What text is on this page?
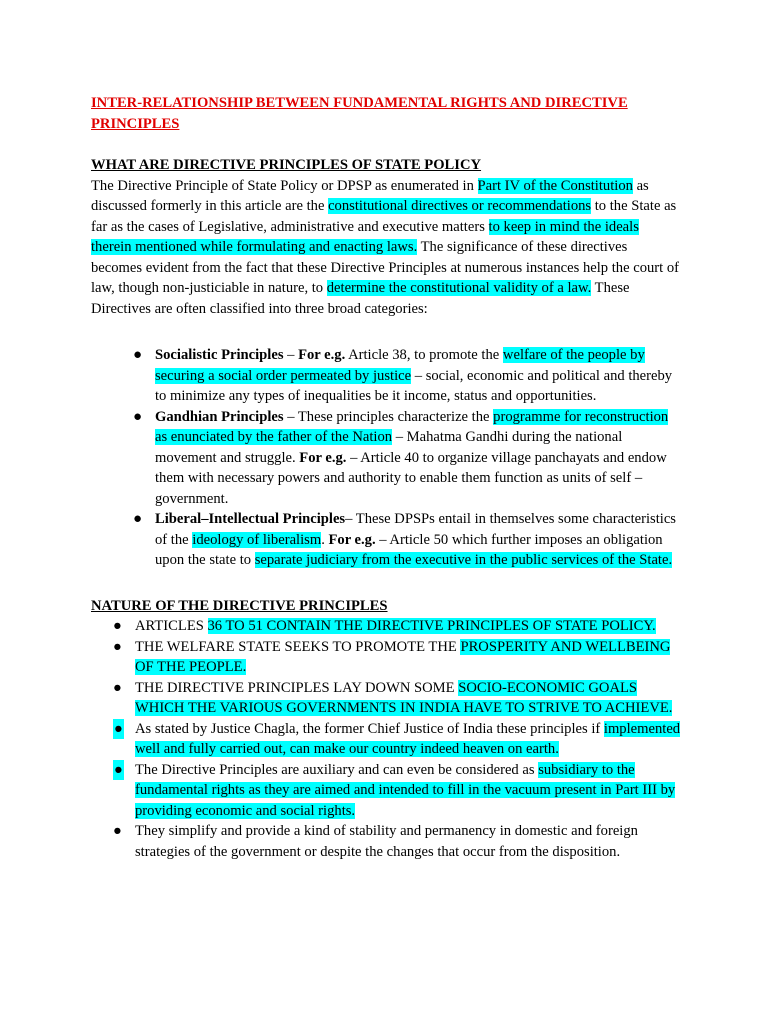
INTER-RELATIONSHIP BETWEEN FUNDAMENTAL RIGHTS AND DIRECTIVE PRINCIPLES
WHAT ARE DIRECTIVE PRINCIPLES OF STATE POLICY
The Directive Principle of State Policy or DPSP as enumerated in Part IV of the Constitution as discussed formerly in this article are the constitutional directives or recommendations to the State as far as the cases of Legislative, administrative and executive matters to keep in mind the ideals therein mentioned while formulating and enacting laws. The significance of these directives becomes evident from the fact that these Directive Principles at numerous instances help the court of law, though non-justiciable in nature, to determine the constitutional validity of a law. These Directives are often classified into three broad categories:
● Socialistic Principles – For e.g. Article 38, to promote the welfare of the people by securing a social order permeated by justice – social, economic and political and thereby to minimize any types of inequalities be it income, status and opportunities.
● Gandhian Principles – These principles characterize the programme for reconstruction as enunciated by the father of the Nation – Mahatma Gandhi during the national movement and struggle. For e.g. – Article 40 to organize village panchayats and endow them with necessary powers and authority to enable them function as units of self – government.
● Liberal–Intellectual Principles– These DPSPs entail in themselves some characteristics of the ideology of liberalism. For e.g. – Article 50 which further imposes an obligation upon the state to separate judiciary from the executive in the public services of the State.
NATURE OF THE DIRECTIVE PRINCIPLES
● ARTICLES 36 TO 51 CONTAIN THE DIRECTIVE PRINCIPLES OF STATE POLICY.
● THE WELFARE STATE SEEKS TO PROMOTE THE PROSPERITY AND WELLBEING OF THE PEOPLE.
● THE DIRECTIVE PRINCIPLES LAY DOWN SOME SOCIO-ECONOMIC GOALS WHICH THE VARIOUS GOVERNMENTS IN INDIA HAVE TO STRIVE TO ACHIEVE.
● As stated by Justice Chagla, the former Chief Justice of India these principles if implemented well and fully carried out, can make our country indeed heaven on earth.
● The Directive Principles are auxiliary and can even be considered as subsidiary to the fundamental rights as they are aimed and intended to fill in the vacuum present in Part III by providing economic and social rights.
● They simplify and provide a kind of stability and permanency in domestic and foreign strategies of the government or despite the changes that occur from the disposition.
